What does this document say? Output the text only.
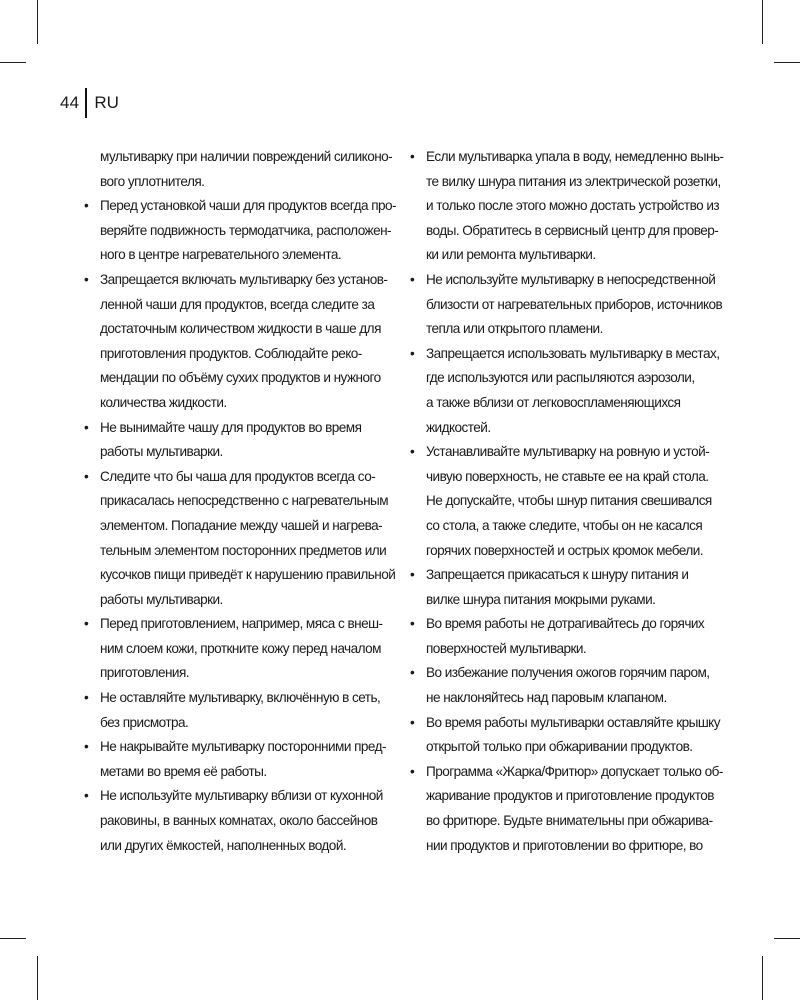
44 RU
мультиварку при наличии повреждений силиконо-
вого уплотнителя.
• Перед установкой чаши для продуктов всегда про-
веряйте подвижность термодатчика, расположен-
ного в центре нагревательного элемента.
• Запрещается включать мультиварку без установ-
ленной чаши для продуктов, всегда следите за
достаточным количеством жидкости в чаше для
приготовления продуктов. Соблюдайте реко-
мендации по объёму сухих продуктов и нужного
количества жидкости.
• Не вынимайте чашу для продуктов во время
работы мультиварки.
• Следите что бы чаша для продуктов всегда со-
прикасалась непосредственно с нагревательным
элементом. Попадание между чашей и нагрева-
тельным элементом посторонних предметов или
кусочков пищи приведёт к нарушению правильной
работы мультиварки.
• Перед приготовлением, например, мяса с внеш-
ним слоем кожи, проткните кожу перед началом
приготовления.
• Не оставляйте мультиварку, включённую в сеть,
без присмотра.
• Не накрывайте мультиварку посторонними пред-
метами во время её работы.
• Не используйте мультиварку вблизи от кухонной
раковины, в ванных комнатах, около бассейнов
или других ёмкостей, наполненных водой.
• Если мультиварка упала в воду, немедленно вынь-
те вилку шнура питания из электрической розетки,
и только после этого можно достать устройство из
воды. Обратитесь в сервисный центр для провер-
ки или ремонта мультиварки.
• Не используйте мультиварку в непосредственной
близости от нагревательных приборов, источников
тепла или открытого пламени.
• Запрещается использовать мультиварку в местах,
где используются или распыляются аэрозоли,
а также вблизи от легковоспламеняющихся
жидкостей.
• Устанавливайте мультиварку на ровную и устой-
чивую поверхность, не ставьте ее на край стола.
Не допускайте, чтобы шнур питания свешивался
со стола, а также следите, чтобы он не касался
горячих поверхностей и острых кромок мебели.
• Запрещается прикасаться к шнуру питания и
вилке шнура питания мокрыми руками.
• Во время работы не дотрагивайтесь до горячих
поверхностей мультиварки.
• Во избежание получения ожогов горячим паром,
не наклоняйтесь над паровым клапаном.
• Во время работы мультиварки оставляйте крышку
открытой только при обжаривании продуктов.
• Программа «Жарка/Фритюр» допускает только об-
жаривание продуктов и приготовление продуктов
во фритюре. Будьте внимательны при обжарива-
нии продуктов и приготовлении во фритюре, во
